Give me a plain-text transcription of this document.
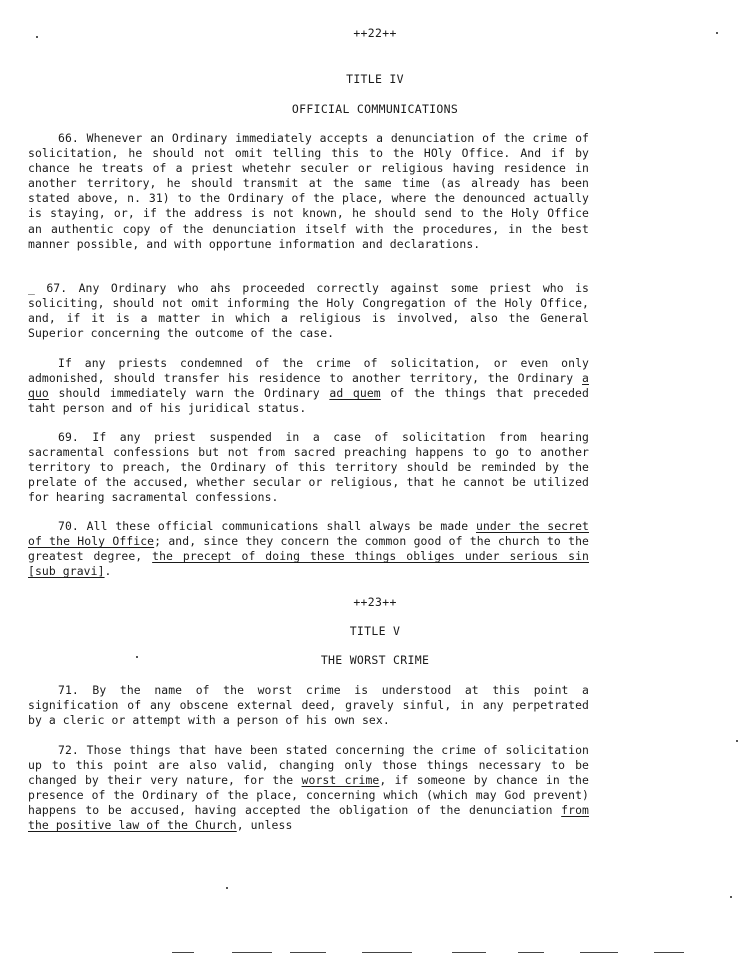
++22++
TITLE IV
OFFICIAL COMMUNICATIONS

66. Whenever an Ordinary immediately accepts a denunciation of the crime of solicitation, he should not omit telling this to the HOly Office. And if by chance he treats of a priest whetehr seculer or religious having residence in another territory, he should transmit at the same time (as already has been stated above, n. 31) to the Ordinary of the place, where the denounced actually is staying, or, if the address is not known, he should send to the Holy Office an authentic copy of the denunciation itself with the procedures, in the best manner possible, and with opportune information and declarations.

_ 67. Any Ordinary who ahs proceeded correctly against some priest who is soliciting, should not omit informing the Holy Congregation of the Holy Office, and, if it is a matter in which a religious is involved, also the General Superior concerning the outcome of the case.

If any priests condemned of the crime of solicitation, or even only admonished, should transfer his residence to another territory, the Ordinary a quo should immediately warn the Ordinary ad quem of the things that preceded taht person and of his juridical status.

69. If any priest suspended in a case of solicitation from hearing sacramental confessions but not from sacred preaching happens to go to another territory to preach, the Ordinary of this territory should be reminded by the prelate of the accused, whether secular or religious, that he cannot be utilized for hearing sacramental confessions.

70. All these official communications shall always be made under the secret of the Holy Office; and, since they concern the common good of the church to the greatest degree, the precept of doing these things obliges under serious sin [sub gravi].

++23++
TITLE V
THE WORST CRIME

71. By the name of the worst crime is understood at this point a signification of any obscene external deed, gravely sinful, in any perpetrated by a cleric or attempt with a person of his own sex.

72. Those things that have been stated concerning the crime of solicitation up to this point are also valid, changing only those things necessary to be changed by their very nature, for the worst crime, if someone by chance in the presence of the Ordinary of the place, concerning which (which may God prevent) happens to be accused, having accepted the obligation of the denunciation from the positive law of the Church, unless
